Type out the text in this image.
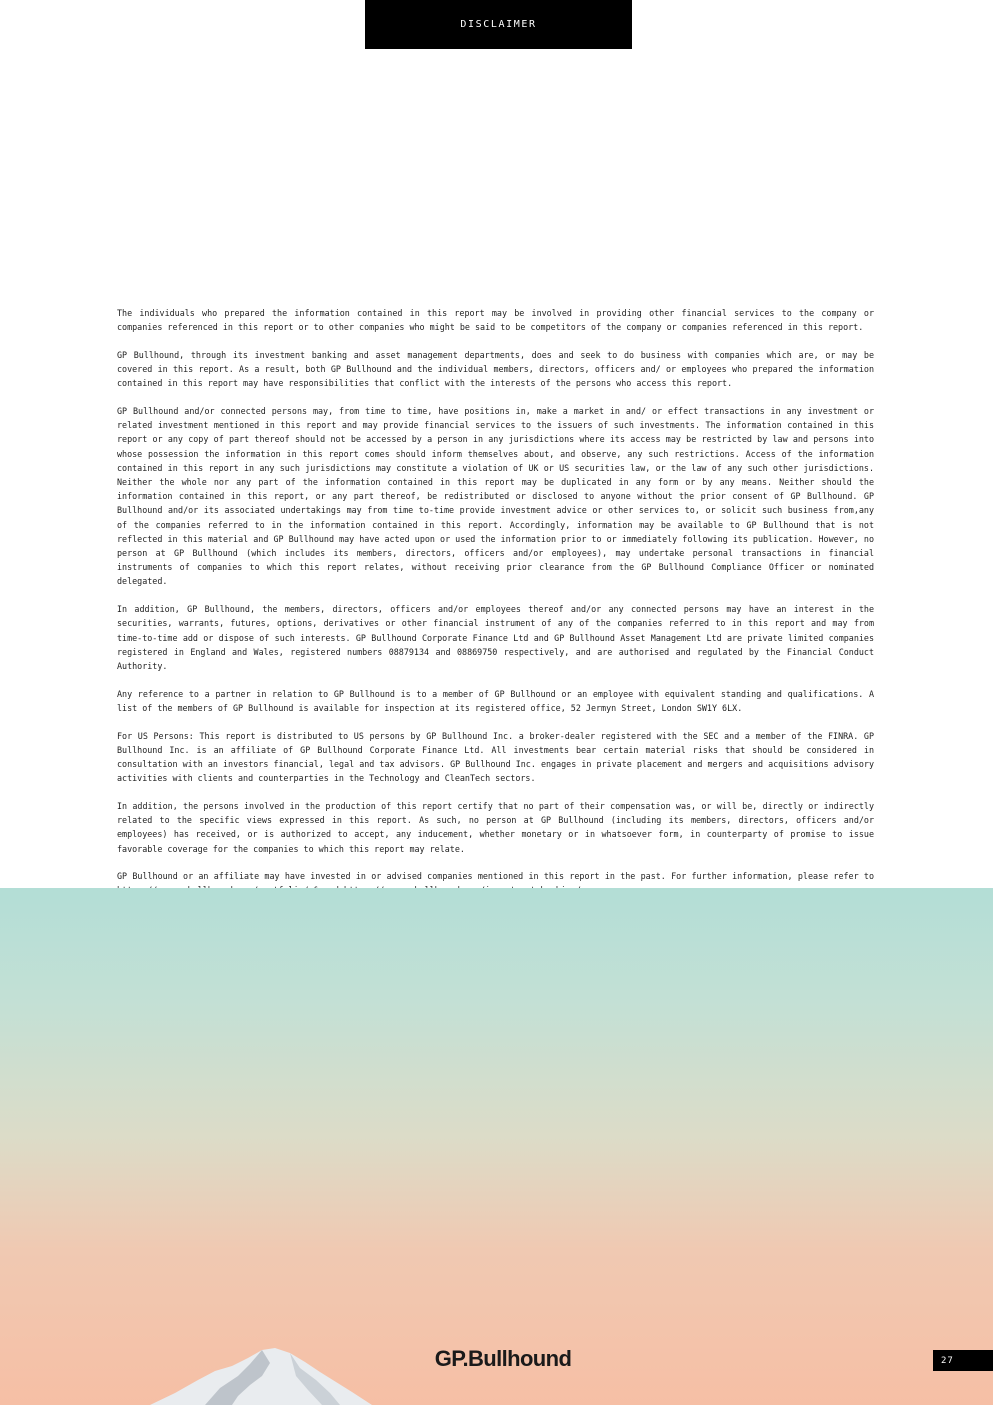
DISCLAIMER

The individuals who prepared the information contained in this report may be involved in providing other financial services to the company or companies referenced in this report or to other companies who might be said to be competitors of the company or companies referenced in this report.

GP Bullhound, through its investment banking and asset management departments, does and seek to do business with companies which are, or may be covered in this report. As a result, both GP Bullhound and the individual members, directors, officers and/ or employees who prepared the information contained in this report may have responsibilities that conflict with the interests of the persons who access this report.

GP Bullhound and/or connected persons may, from time to time, have positions in, make a market in and/ or effect transactions in any investment or related investment mentioned in this report and may provide financial services to the issuers of such investments. The information contained in this report or any copy of part thereof should not be accessed by a person in any jurisdictions where its access may be restricted by law and persons into whose possession the information in this report comes should inform themselves about, and observe, any such restrictions. Access of the information contained in this report in any such jurisdictions may constitute a violation of UK or US securities law, or the law of any such other jurisdictions. Neither the whole nor any part of the information contained in this report may be duplicated in any form or by any means. Neither should the information contained in this report, or any part thereof, be redistributed or disclosed to anyone without the prior consent of GP Bullhound. GP Bullhound and/or its associated undertakings may from time to-time provide investment advice or other services to, or solicit such business from,any of the companies referred to in the information contained in this report. Accordingly, information may be available to GP Bullhound that is not reflected in this material and GP Bullhound may have acted upon or used the information prior to or immediately following its publication. However, no person at GP Bullhound (which includes its members, directors, officers and/or employees), may undertake personal transactions in financial instruments of companies to which this report relates, without receiving prior clearance from the GP Bullhound Compliance Officer or nominated delegated.

In addition, GP Bullhound, the members, directors, officers and/or employees thereof and/or any connected persons may have an interest in the securities, warrants, futures, options, derivatives or other financial instrument of any of the companies referred to in this report and may from time-to-time add or dispose of such interests. GP Bullhound Corporate Finance Ltd and GP Bullhound Asset Management Ltd are private limited companies registered in England and Wales, registered numbers 08879134 and 08869750 respectively, and are authorised and regulated by the Financial Conduct Authority.

Any reference to a partner in relation to GP Bullhound is to a member of GP Bullhound or an employee with equivalent standing and qualifications. A list of the members of GP Bullhound is available for inspection at its registered office, 52 Jermyn Street, London SW1Y 6LX.

For US Persons: This report is distributed to US persons by GP Bullhound Inc. a broker-dealer registered with the SEC and a member of the FINRA. GP Bullhound Inc. is an affiliate of GP Bullhound Corporate Finance Ltd. All investments bear certain material risks that should be considered in consultation with an investors financial, legal and tax advisors. GP Bullhound Inc. engages in private placement and mergers and acquisitions advisory activities with clients and counterparties in the Technology and CleanTech sectors.

In addition, the persons involved in the production of this report certify that no part of their compensation was, or will be, directly or indirectly related to the specific views expressed in this report. As such, no person at GP Bullhound (including its members, directors, officers and/or employees) has received, or is authorized to accept, any inducement, whether monetary or in whatsoever form, in counterparty of promise to issue favorable coverage for the companies to which this report may relate.

GP Bullhound or an affiliate may have invested in or advised companies mentioned in this report in the past. For further information, please refer to

GP.Bullhound	27
